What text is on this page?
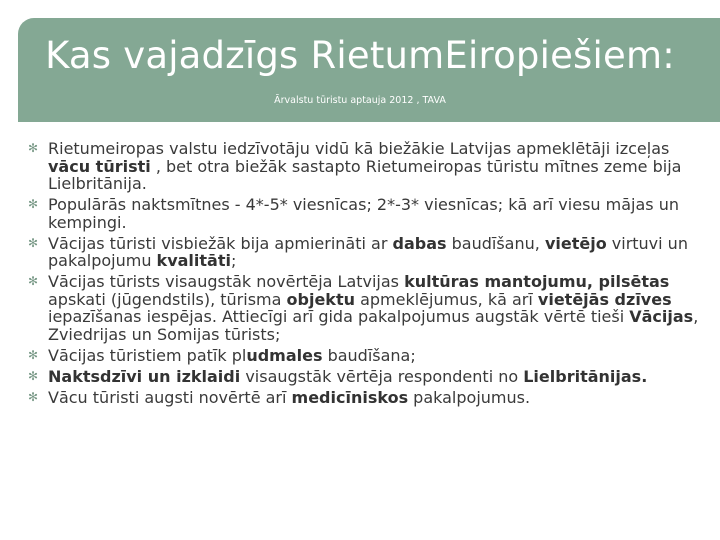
Kas vajadzīgs RietumEiropiešiem:
Ārvalstu tūristu aptauja 2012 , TAVA
✻ Rietumeiropas valstu iedzīvotāju vidū kā biežākie Latvijas apmeklētāji izceļas vācu tūristi , bet otra biežāk sastapto Rietumeiropas tūristu mītnes zeme bija Lielbritānija.
✻ Populārās naktsmītnes - 4*-5* viesnīcas; 2*-3* viesnīcas; kā arī viesu mājas un kempingi.
✻ Vācijas tūristi visbiežāk bija apmierināti ar dabas baudīšanu, vietējo virtuvi un pakalpojumu kvalitāti;
✻ Vācijas tūrists visaugstāk novērtēja Latvijas kultūras mantojumu, pilsētas apskati (jūgendstils), tūrisma objektu apmeklējumus, kā arī vietējās dzīves iepazīšanas iespējas. Attiecīgi arī gida pakalpojumus augstāk vērtē tieši Vācijas, Zviedrijas un Somijas tūrists;
✻ Vācijas tūristiem patīk pludmales baudīšana;
✻ Naktsdzīvi un izklaidi visaugstāk vērtēja respondenti no Lielbritānijas.
✻ Vācu tūristi augsti novērtē arī medicīniskos pakalpojumus.
